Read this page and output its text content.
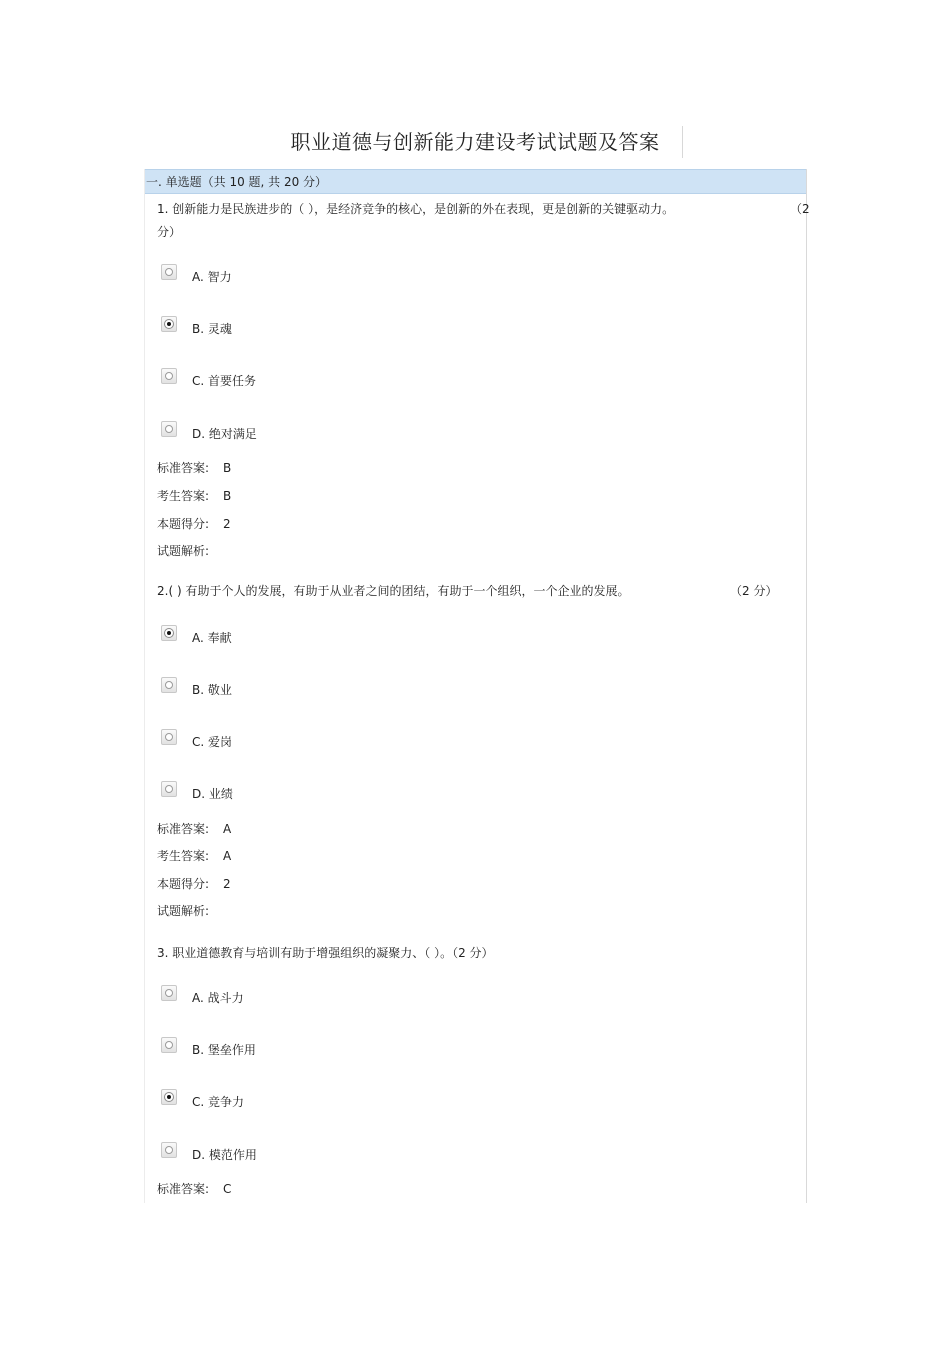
职业道德与创新能力建设考试试题及答案
一. 单选题（共 10 题, 共 20 分）
1. 创新能力是民族进步的（ ），是经济竞争的核心，是创新的外在表现，更是创新的关键驱动力。	（2
分）
A. 智力
B. 灵魂
C. 首要任务
D. 绝对满足
标准答案: B
考生答案: B
本题得分: 2
试题解析:
2.( ) 有助于个人的发展，有助于从业者之间的团结，有助于一个组织，一个企业的发展。	（2 分）
A. 奉献
B. 敬业
C. 爱岗
D. 业绩
标准答案: A
考生答案: A
本题得分: 2
试题解析:
3. 职业道德教育与培训有助于增强组织的凝聚力、（ ）。（2 分）
A. 战斗力
B. 堡垒作用
C. 竞争力
D. 模范作用
标准答案: C
